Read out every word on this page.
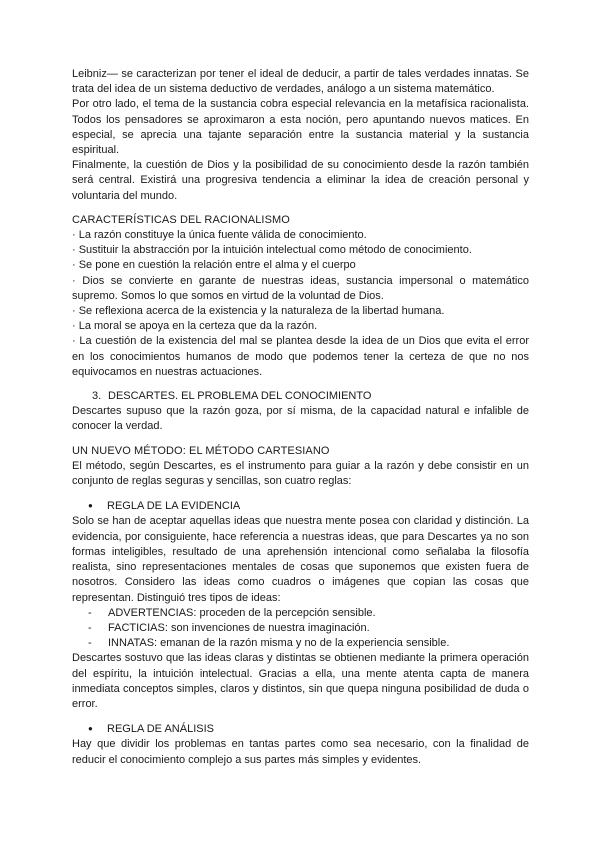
Leibniz— se caracterizan por tener el ideal de deducir, a partir de tales verdades innatas. Se trata del idea de un sistema deductivo de verdades, análogo a un sistema matemático.

Por otro lado, el tema de la sustancia cobra especial relevancia en la metafísica racionalista. Todos los pensadores se aproximaron a esta noción, pero apuntando nuevos matices. En especial, se aprecia una tajante separación entre la sustancia material y la sustancia espiritual.

Finalmente, la cuestión de Dios y la posibilidad de su conocimiento desde la razón también será central. Existirá una progresiva tendencia a eliminar la idea de creación personal y voluntaria del mundo.

CARACTERÍSTICAS DEL RACIONALISMO

· La razón constituye la única fuente válida de conocimiento.

· Sustituir la abstracción por la intuición intelectual como método de conocimiento.

· Se pone en cuestión la relación entre el alma y el cuerpo

· Dios se convierte en garante de nuestras ideas, sustancia impersonal o matemático supremo. Somos lo que somos en virtud de la voluntad de Dios.

· Se reflexiona acerca de la existencia y la naturaleza de la libertad humana.

· La moral se apoya en la certeza que da la razón.

· La cuestión de la existencia del mal se plantea desde la idea de un Dios que evita el error en los conocimientos humanos de modo que podemos tener la certeza de que no nos equivocamos en nuestras actuaciones.

3. DESCARTES. EL PROBLEMA DEL CONOCIMIENTO

Descartes supuso que la razón goza, por sí misma, de la capacidad natural e infalible de conocer la verdad.

UN NUEVO MÉTODO: EL MÉTODO CARTESIANO

El método, según Descartes, es el instrumento para guiar a la razón y debe consistir en un conjunto de reglas seguras y sencillas, son cuatro reglas:

● REGLA DE LA EVIDENCIA

Solo se han de aceptar aquellas ideas que nuestra mente posea con claridad y distinción. La evidencia, por consiguiente, hace referencia a nuestras ideas, que para Descartes ya no son formas inteligibles, resultado de una aprehensión intencional como señalaba la filosofía realista, sino representaciones mentales de cosas que suponemos que existen fuera de nosotros. Considero las ideas como cuadros o imágenes que copian las cosas que representan. Distinguió tres tipos de ideas:

- ADVERTENCIAS: proceden de la percepción sensible.
- FACTICIAS: son invenciones de nuestra imaginación.
- INNATAS: emanan de la razón misma y no de la experiencia sensible.

Descartes sostuvo que las ideas claras y distintas se obtienen mediante la primera operación del espíritu, la intuición intelectual. Gracias a ella, una mente atenta capta de manera inmediata conceptos simples, claros y distintos, sin que quepa ninguna posibilidad de duda o error.

● REGLA DE ANÁLISIS

Hay que dividir los problemas en tantas partes como sea necesario, con la finalidad de reducir el conocimiento complejo a sus partes más simples y evidentes.
